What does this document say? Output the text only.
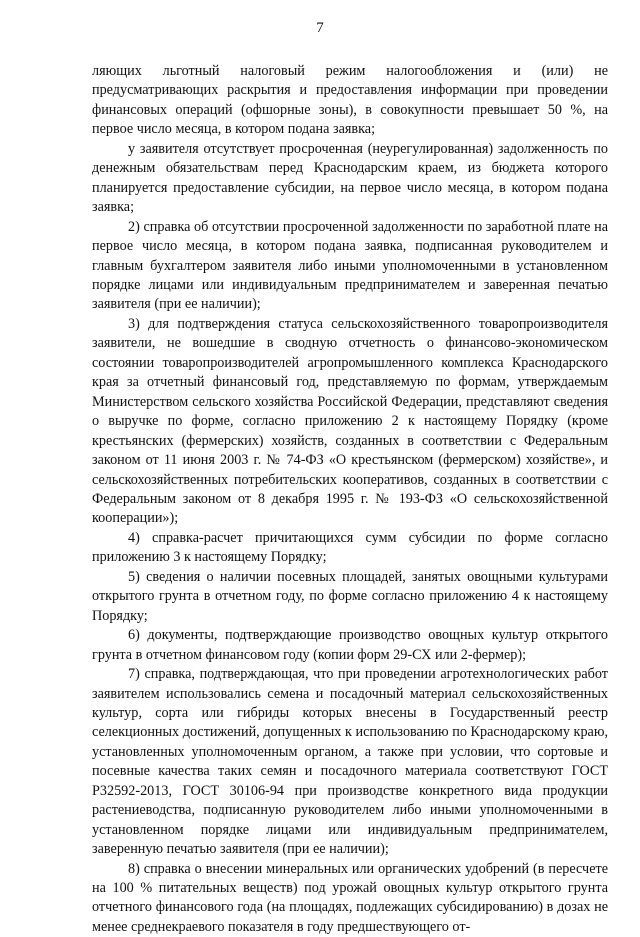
7

ляющих льготный налоговый режим налогообложения и (или) не предусматривающих раскрытия и предоставления информации при проведении финансовых операций (офшорные зоны), в совокупности превышает 50 %, на первое число месяца, в котором подана заявка;

у заявителя отсутствует просроченная (неурегулированная) задолженность по денежным обязательствам перед Краснодарским краем, из бюджета которого планируется предоставление субсидии, на первое число месяца, в котором подана заявка;

2) справка об отсутствии просроченной задолженности по заработной плате на первое число месяца, в котором подана заявка, подписанная руководителем и главным бухгалтером заявителя либо иными уполномоченными в установленном порядке лицами или индивидуальным предпринимателем и заверенная печатью заявителя (при ее наличии);

3) для подтверждения статуса сельскохозяйственного товаропроизводителя заявители, не вошедшие в сводную отчетность о финансово-экономическом состоянии товаропроизводителей агропромышленного комплекса Краснодарского края за отчетный финансовый год, представляемую по формам, утверждаемым Министерством сельского хозяйства Российской Федерации, представляют сведения о выручке по форме, согласно приложению 2 к настоящему Порядку (кроме крестьянских (фермерских) хозяйств, созданных в соответствии с Федеральным законом от 11 июня 2003 г. № 74-ФЗ «О крестьянском (фермерском) хозяйстве», и сельскохозяйственных потребительских кооперативов, созданных в соответствии с Федеральным законом от 8 декабря 1995 г. № 193-ФЗ «О сельскохозяйственной кооперации»);

4) справка-расчет причитающихся сумм субсидии по форме согласно приложению 3 к настоящему Порядку;

5) сведения о наличии посевных площадей, занятых овощными культурами открытого грунта в отчетном году, по форме согласно приложению 4 к настоящему Порядку;

6) документы, подтверждающие производство овощных культур открытого грунта в отчетном финансовом году (копии форм 29-СХ или 2-фермер);

7) справка, подтверждающая, что при проведении агротехнологических работ заявителем использовались семена и посадочный материал сельскохозяйственных культур, сорта или гибриды которых внесены в Государственный реестр селекционных достижений, допущенных к использованию по Краснодарскому краю, установленных уполномоченным органом, а также при условии, что сортовые и посевные качества таких семян и посадочного материала соответствуют ГОСТ Р32592-2013, ГОСТ 30106-94 при производстве конкретного вида продукции растениеводства, подписанную руководителем либо иными уполномоченными в установленном порядке лицами или индивидуальным предпринимателем, заверенную печатью заявителя (при ее наличии);

8) справка о внесении минеральных или органических удобрений (в пересчете на 100 % питательных веществ) под урожай овощных культур открытого грунта отчетного финансового года (на площадях, подлежащих субсидированию) в дозах не менее среднекраевого показателя в году предшествующего от-
